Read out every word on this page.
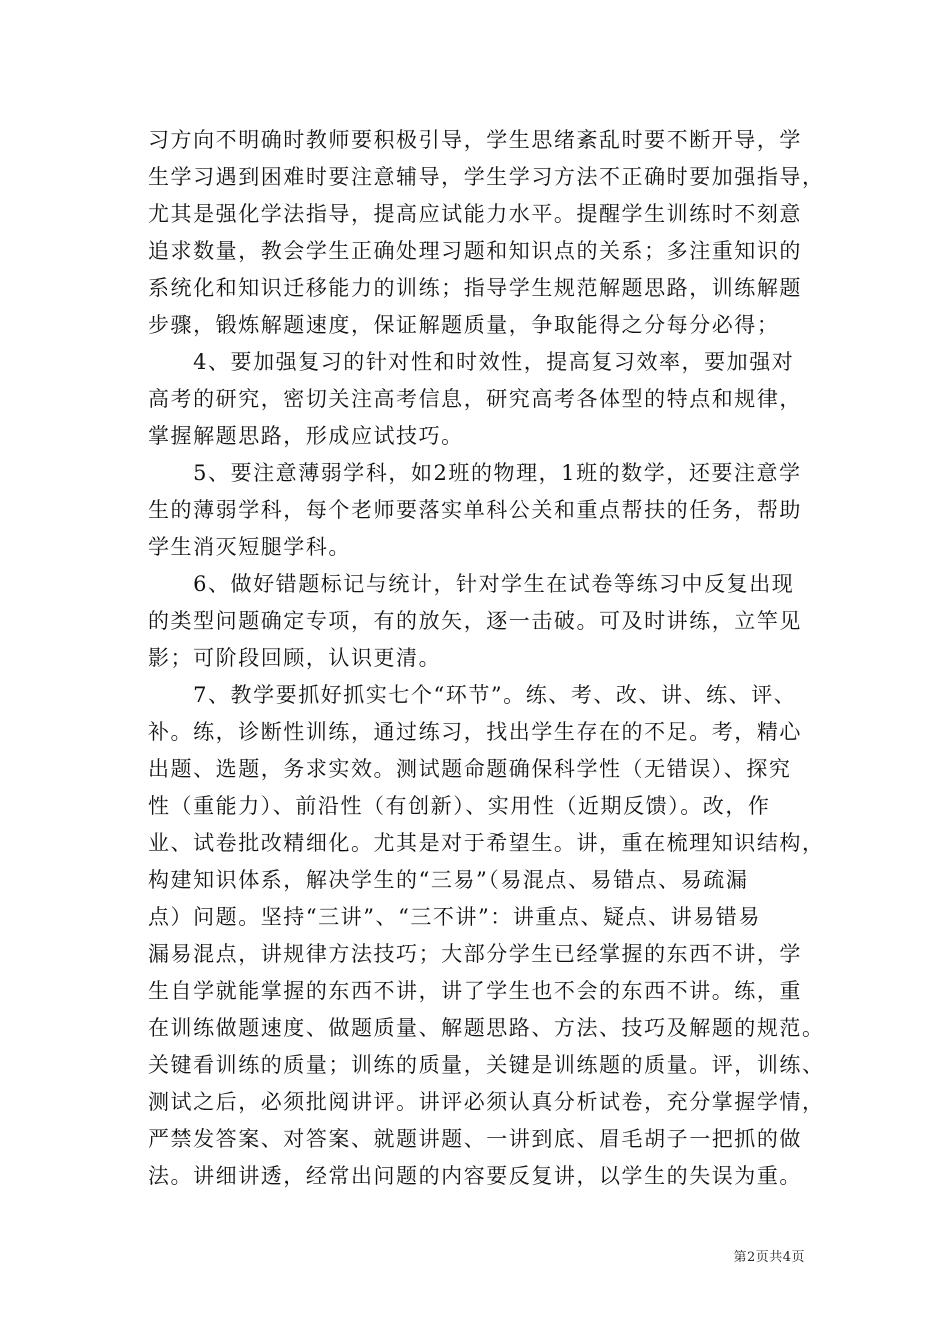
习方向不明确时教师要积极引导，学生思绪紊乱时要不断开导，学
生学习遇到困难时要注意辅导，学生学习方法不正确时要加强指导，
尤其是强化学法指导，提高应试能力水平。提醒学生训练时不刻意
追求数量，教会学生正确处理习题和知识点的关系；多注重知识的
系统化和知识迁移能力的训练；指导学生规范解题思路，训练解题
步骤，锻炼解题速度，保证解题质量，争取能得之分每分必得；
　　4、要加强复习的针对性和时效性，提高复习效率，要加强对
高考的研究，密切关注高考信息，研究高考各体型的特点和规律，
掌握解题思路，形成应试技巧。
　　5、要注意薄弱学科，如2班的物理，1班的数学，还要注意学
生的薄弱学科，每个老师要落实单科公关和重点帮扶的任务，帮助
学生消灭短腿学科。
　　6、做好错题标记与统计，针对学生在试卷等练习中反复出现
的类型问题确定专项，有的放矢，逐一击破。可及时讲练，立竿见
影；可阶段回顾，认识更清。
　　7、教学要抓好抓实七个“环节”。练、考、改、讲、练、评、
补。练，诊断性训练，通过练习，找出学生存在的不足。考，精心
出题、选题，务求实效。测试题命题确保科学性（无错误）、探究
性（重能力）、前沿性（有创新）、实用性（近期反馈）。改，作
业、试卷批改精细化。尤其是对于希望生。讲，重在梳理知识结构，
构建知识体系，解决学生的“三易”（易混点、易错点、易疏漏
点）问题。坚持“三讲”、“三不讲”：讲重点、疑点、讲易错易
漏易混点，讲规律方法技巧；大部分学生已经掌握的东西不讲，学
生自学就能掌握的东西不讲，讲了学生也不会的东西不讲。练，重
在训练做题速度、做题质量、解题思路、方法、技巧及解题的规范。
关键看训练的质量；训练的质量，关键是训练题的质量。评，训练、
测试之后，必须批阅讲评。讲评必须认真分析试卷，充分掌握学情，
严禁发答案、对答案、就题讲题、一讲到底、眉毛胡子一把抓的做
法。讲细讲透，经常出问题的内容要反复讲，以学生的失误为重。
第2页共4页
